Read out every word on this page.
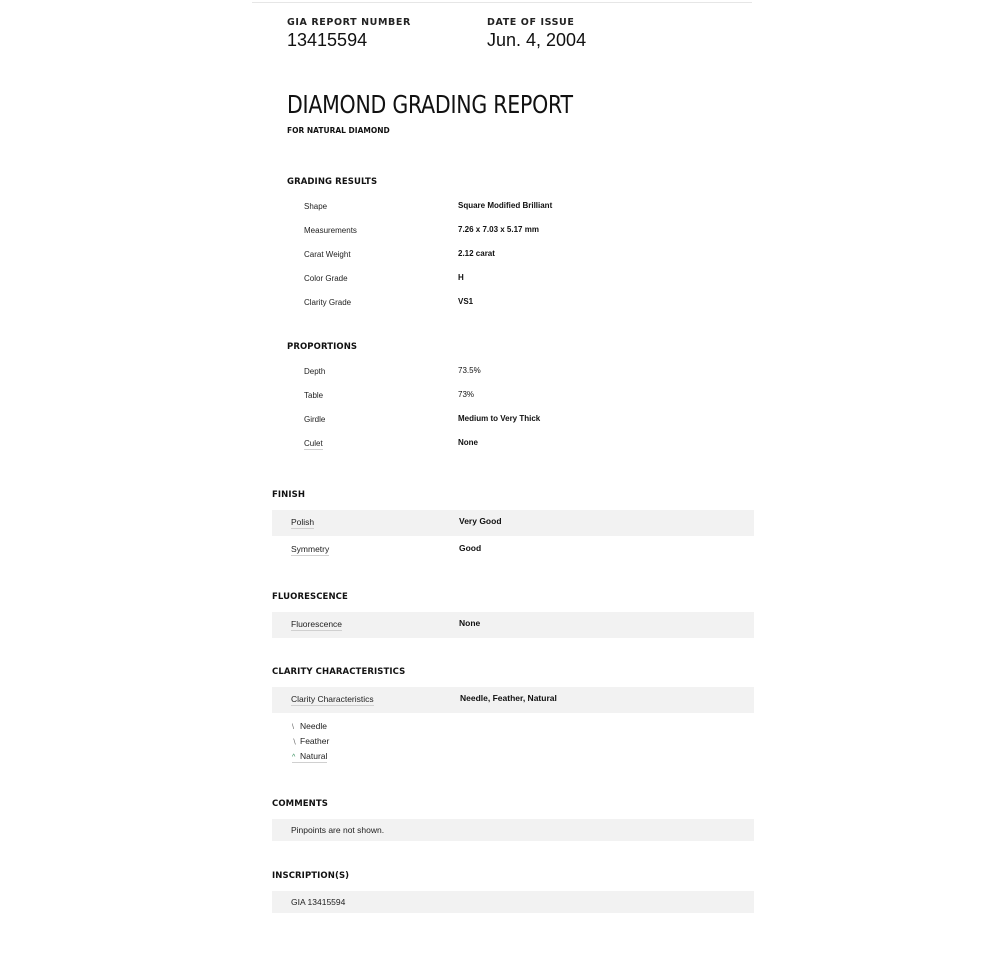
GIA REPORT NUMBER
13415594
DATE OF ISSUE
Jun. 4, 2004
DIAMOND GRADING REPORT
FOR NATURAL DIAMOND
GRADING RESULTS
Shape	Square Modified Brilliant
Measurements	7.26 x 7.03 x 5.17 mm
Carat Weight	2.12 carat
Color Grade	H
Clarity Grade	VS1
PROPORTIONS
Depth	73.5%
Table	73%
Girdle	Medium to Very Thick
Culet	None
FINISH
Polish	Very Good
Symmetry	Good
FLUORESCENCE
Fluorescence	None
CLARITY CHARACTERISTICS
Clarity Characteristics	Needle, Feather, Natural
\ Needle
∖ Feather
^ Natural
COMMENTS
Pinpoints are not shown.
INSCRIPTION(S)
GIA 13415594
